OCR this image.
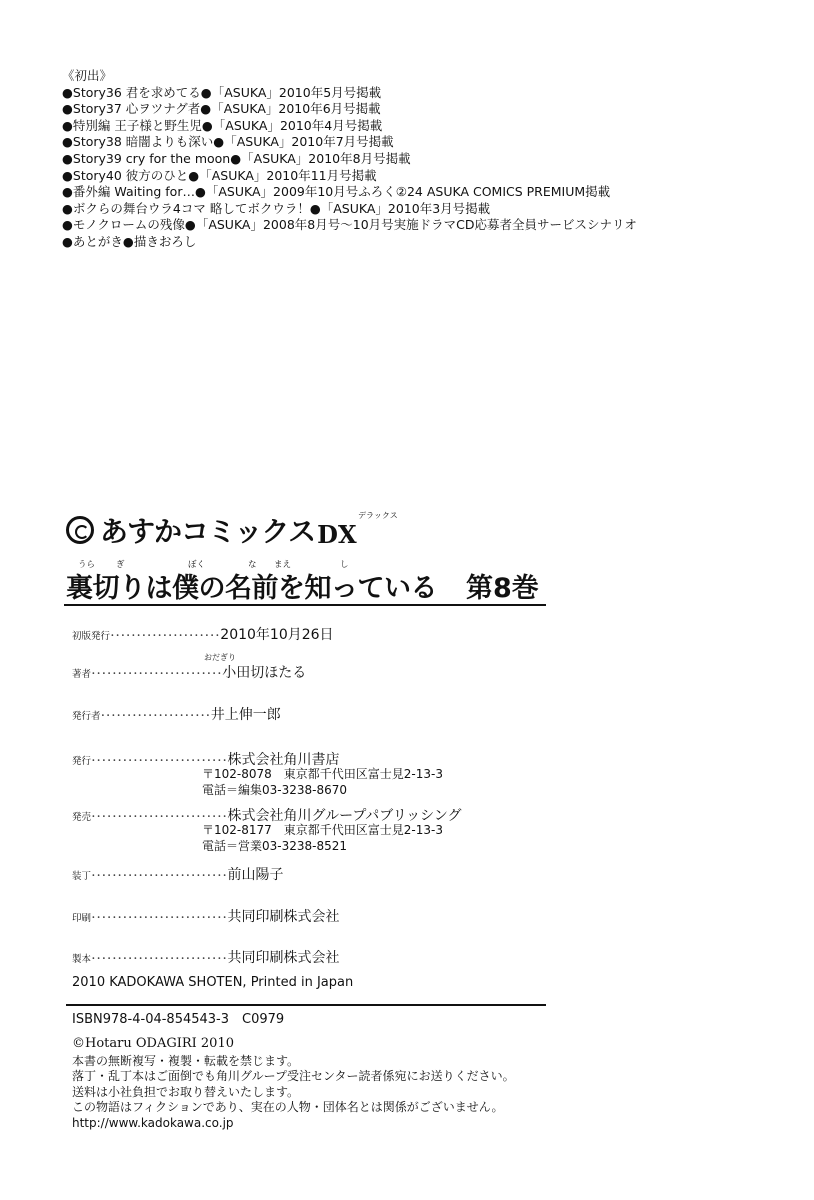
《初出》
●Story36 君を求めてる●「ASUKA」2010年5月号掲載
●Story37 心ヲツナグ者●「ASUKA」2010年6月号掲載
●特別編 王子様と野生児●「ASUKA」2010年4月号掲載
●Story38 暗闇よりも深い●「ASUKA」2010年7月号掲載
●Story39 cry for the moon●「ASUKA」2010年8月号掲載
●Story40 彼方のひと●「ASUKA」2010年11月号掲載
●番外編 Waiting for…●「ASUKA」2009年10月号ふろく②24 ASUKA COMICS PREMIUM掲載
●ボクらの舞台ウラ4コマ 略してボクウラ！●「ASUKA」2010年3月号掲載
●モノクロームの残像●「ASUKA」2008年8月号～10月号実施ドラマCD応募者全員サービスシナリオ
●あとがき●描きおろし
あすかコミックス DX
デラックス
うら ぎ	ぼく	な まえ	し
裏切りは僕の名前を知っている 第8巻
初版発行 ･････････････････････ 2010年10月26日
おだぎり
著者 ･････････････････････････ 小田切ほたる
発行者 ･････････････････････ 井上伸一郎
発行 ･･････････････････････････ 株式会社角川書店
〒102-8078　東京都千代田区富士見2-13-3
電話＝編集03-3238-8670
発売 ･･････････････････････････ 株式会社角川グループパブリッシング
〒102-8177　東京都千代田区富士見2-13-3
電話＝営業03-3238-8521
装丁 ･･････････････････････････ 前山陽子
印刷 ･･････････････････････････ 共同印刷株式会社
製本 ･･････････････････････････ 共同印刷株式会社
2010 KADOKAWA SHOTEN, Printed in Japan
ISBN978-4-04-854543-3　C0979
©Hotaru ODAGIRI 2010
本書の無断複写・複製・転載を禁じます。
落丁・乱丁本はご面倒でも角川グループ受注センター読者係宛にお送りください。
送料は小社負担でお取り替えいたします。
この物語はフィクションであり、実在の人物・団体名とは関係がございません。
http://www.kadokawa.co.jp
